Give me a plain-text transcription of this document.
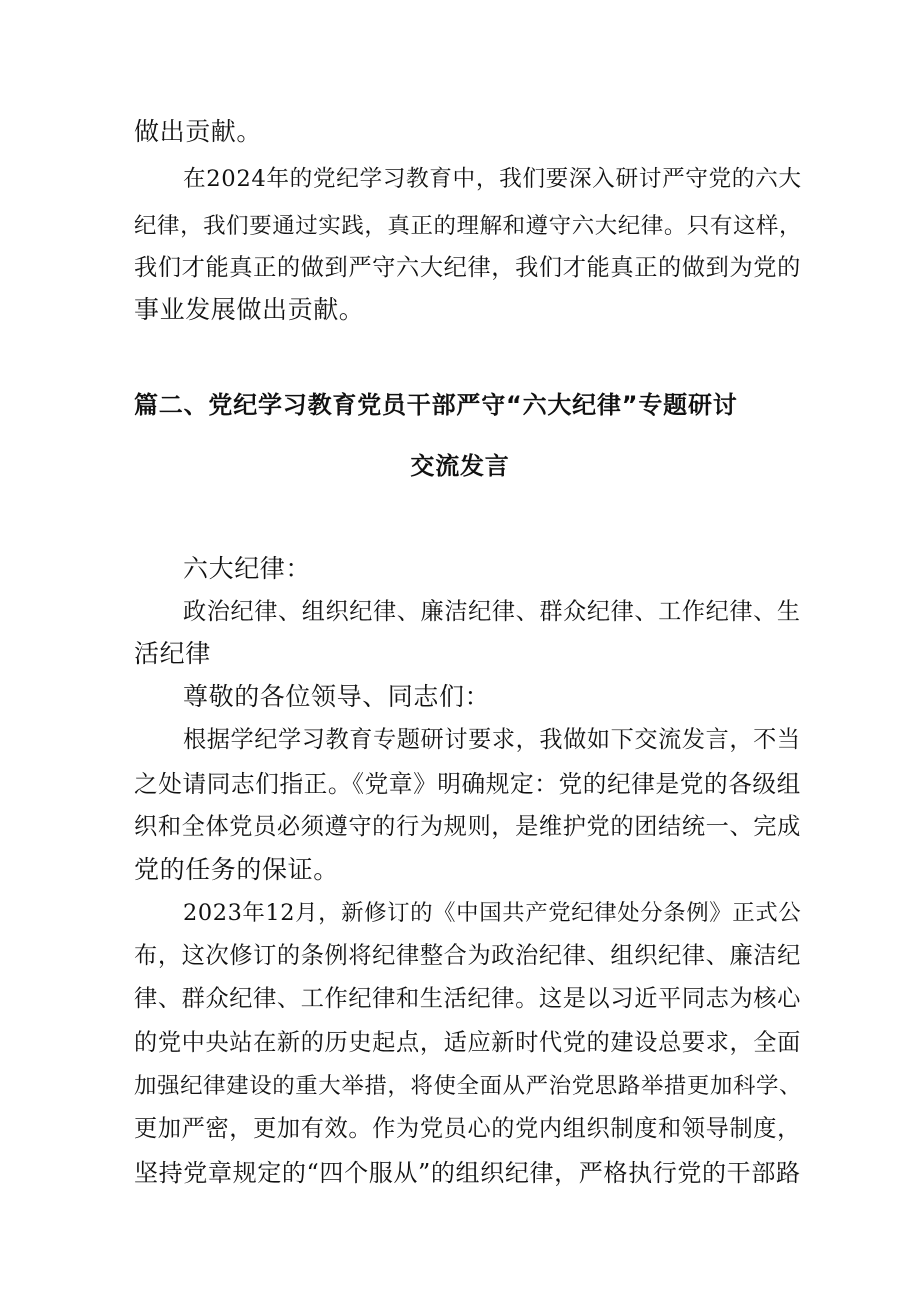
做出贡献。
在2024年的党纪学习教育中，我们要深入研讨严守党的六大
纪律，我们要通过实践，真正的理解和遵守六大纪律。只有这样，
我们才能真正的做到严守六大纪律，我们才能真正的做到为党的
事业发展做出贡献。
篇二、党纪学习教育党员干部严守“六大纪律”专题研讨
交流发言
六大纪律：
政治纪律、组织纪律、廉洁纪律、群众纪律、工作纪律、生
活纪律
尊敬的各位领导、同志们：
根据学纪学习教育专题研讨要求，我做如下交流发言，不当
之处请同志们指正。《党章》明确规定：党的纪律是党的各级组
织和全体党员必须遵守的行为规则，是维护党的团结统一、完成
党的任务的保证。
2023年12月，新修订的《中国共产党纪律处分条例》正式公
布，这次修订的条例将纪律整合为政治纪律、组织纪律、廉洁纪
律、群众纪律、工作纪律和生活纪律。这是以习近平同志为核心
的党中央站在新的历史起点，适应新时代党的建设总要求，全面
加强纪律建设的重大举措，将使全面从严治党思路举措更加科学、
更加严密，更加有效。作为党员心的党内组织制度和领导制度，
坚持党章规定的“四个服从”的组织纪律，严格执行党的干部路
